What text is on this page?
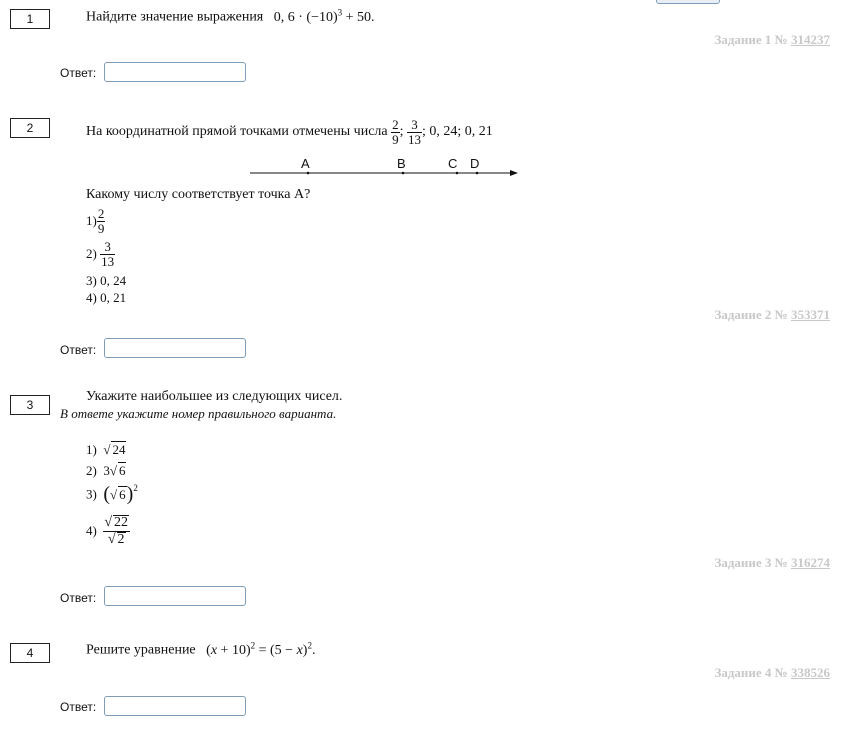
1	Найдите значение выражения   0, $6 \cdot (-10)^3 + 50$.
Задание 1 № 314237
Ответ:
2	На координатной прямой точками отмечены числа $\frac{2}{9}$ ; $\frac{3}{13}$ ; 0, 24; 0, 21
A	B	C D
Какому числу соответствует точка A?
$1) \frac{2}{9}$
$2) \frac{3}{13}$
3) 0, 24
4) 0, 21
Задание 2 № 353371
Ответ:
3
Укажите наибольшее из следующих чисел.
В ответе укажите номер правильного варианта.
1) √ 24
2) 3√ 6
3) (√ 6)$^2$
$4) \frac{√ 22}{√ 2}$
Задание 3 № 316274
Ответ:
4	Решите уравнение   $(x + 10)^2 = (5 - x)^2$.
Задание 4 № 338526
Ответ:
